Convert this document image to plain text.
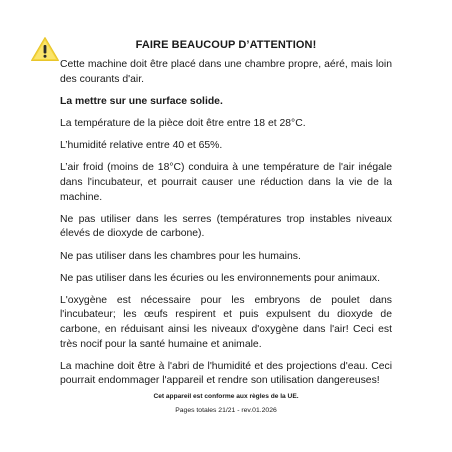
FAIRE BEAUCOUP D’ATTENTION!

Cette machine doit être placé dans une chambre propre, aéré, mais loin des courants d'air.

La mettre sur une surface solide.

La température de la pièce doit être entre 18 et 28°C.

L’humidité relative entre 40 et 65%.

L’air froid (moins de 18°C) conduira à une température de l'air inégale dans l'incubateur, et pourrait causer une réduction dans la vie de la machine.

Ne pas utiliser dans les serres (températures trop instables niveaux élevés de dioxyde de carbone).

Ne pas utiliser dans les chambres pour les humains.

Ne pas utiliser dans les écuries ou les environnements pour animaux.

L'oxygène est nécessaire pour les embryons de poulet dans l'incubateur; les œufs respirent et puis expulsent du dioxyde de carbone, en réduisant ainsi les niveaux d'oxygène dans l'air! Ceci est très nocif pour la santé humaine et animale.

La machine doit être à l'abri de l'humidité et des projections d'eau. Ceci pourrait endommager l'appareil et rendre son utilisation dangereuses!

Cet appareil est conforme aux règles de la UE.
Pages totales 21/21 - rev.01.2026
